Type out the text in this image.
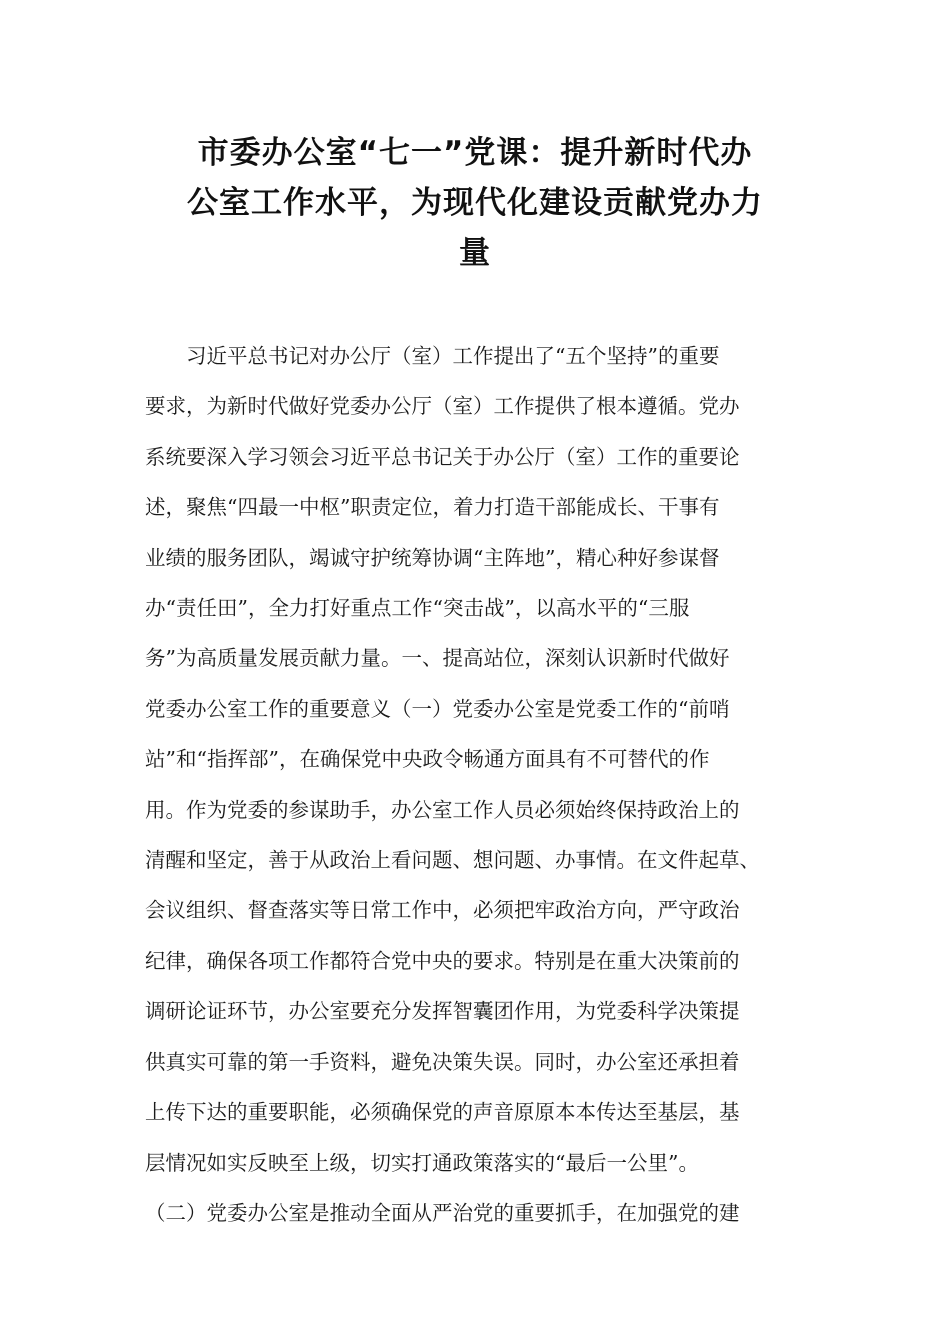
市委办公室“七一”党课：提升新时代办
公室工作水平，为现代化建设贡献党办力
量
　　习近平总书记对办公厅（室）工作提出了“五个坚持”的重要
要求，为新时代做好党委办公厅（室）工作提供了根本遵循。党办
系统要深入学习领会习近平总书记关于办公厅（室）工作的重要论
述，聚焦“四最一中枢”职责定位，着力打造干部能成长、干事有
业绩的服务团队，竭诚守护统筹协调“主阵地”，精心种好参谋督
办“责任田”，全力打好重点工作“突击战”，以高水平的“三服
务”为高质量发展贡献力量。一、提高站位，深刻认识新时代做好
党委办公室工作的重要意义（一）党委办公室是党委工作的“前哨
站”和“指挥部”，在确保党中央政令畅通方面具有不可替代的作
用。作为党委的参谋助手，办公室工作人员必须始终保持政治上的
清醒和坚定，善于从政治上看问题、想问题、办事情。在文件起草、
会议组织、督查落实等日常工作中，必须把牢政治方向，严守政治
纪律，确保各项工作都符合党中央的要求。特别是在重大决策前的
调研论证环节，办公室要充分发挥智囊团作用，为党委科学决策提
供真实可靠的第一手资料，避免决策失误。同时，办公室还承担着
上传下达的重要职能，必须确保党的声音原原本本传达至基层，基
层情况如实反映至上级，切实打通政策落实的“最后一公里”。
（二）党委办公室是推动全面从严治党的重要抓手，在加强党的建
